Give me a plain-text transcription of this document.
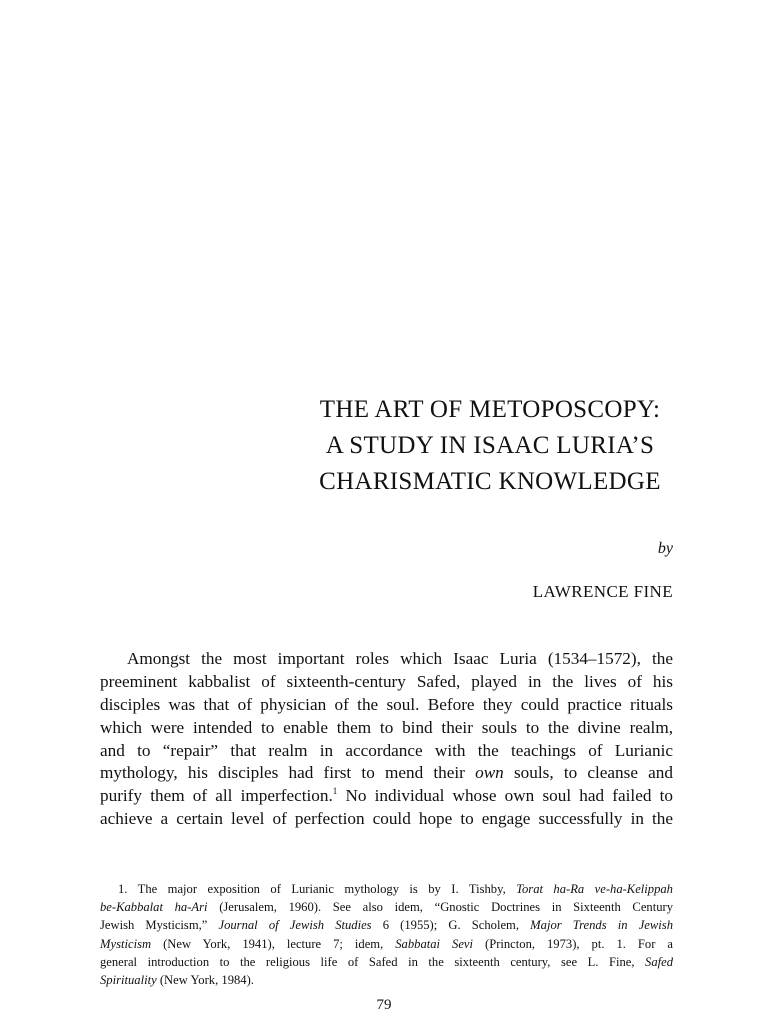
THE ART OF METOPOSCOPY:
A STUDY IN ISAAC LURIA’S
CHARISMATIC KNOWLEDGE
by
LAWRENCE FINE
Amongst the most important roles which Isaac Luria (1534–1572), the
preeminent kabbalist of sixteenth-century Safed, played in the lives of his
disciples was that of physician of the soul. Before they could practice rituals
which were intended to enable them to bind their souls to the divine realm,
and to “repair” that realm in accordance with the teachings of Lurianic
mythology, his disciples had first to mend their own souls, to cleanse and
purify them of all imperfection.$^1$ No individual whose own soul had failed to
achieve a certain level of perfection could hope to engage successfully in the
1. The major exposition of Lurianic mythology is by I. Tishby, Torat ha-Ra ve-ha-Kelippah
be-Kabbalat ha-Ari (Jerusalem, 1960). See also idem, “Gnostic Doctrines in Sixteenth Century
Jewish Mysticism,” Journal of Jewish Studies 6 (1955); G. Scholem, Major Trends in Jewish
Mysticism (New York, 1941), lecture 7; idem, Sabbatai Sevi (Princton, 1973), pt. 1. For a
general introduction to the religious life of Safed in the sixteenth century, see L. Fine, Safed
Spirituality (New York, 1984).
79
